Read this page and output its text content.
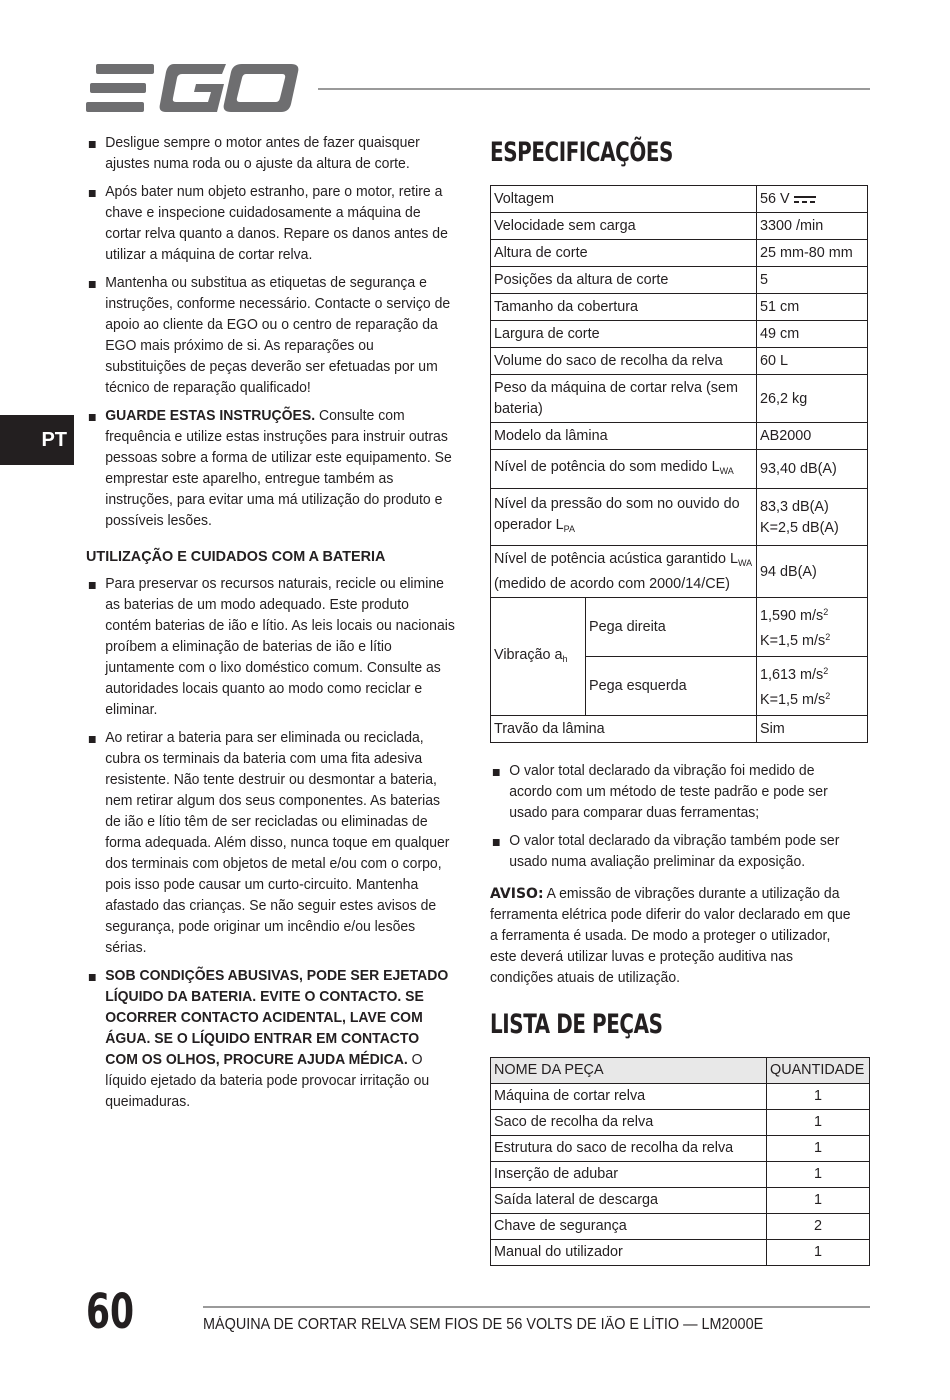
PT
Desligue sempre o motor antes de fazer quaisquer ajustes numa roda ou o ajuste da altura de corte.
Após bater num objeto estranho, pare o motor, retire a chave e inspecione cuidadosamente a máquina de cortar relva quanto a danos. Repare os danos antes de utilizar a máquina de cortar relva.
Mantenha ou substitua as etiquetas de segurança e instruções, conforme necessário. Contacte o serviço de apoio ao cliente da EGO ou o centro de reparação da EGO mais próximo de si. As reparações ou substituições de peças deverão ser efetuadas por um técnico de reparação qualificado!
GUARDE ESTAS INSTRUÇÕES. Consulte com frequência e utilize estas instruções para instruir outras pessoas sobre a forma de utilizar este equipamento. Se emprestar este aparelho, entregue também as instruções, para evitar uma má utilização do produto e possíveis lesões.
UTILIZAÇÃO E CUIDADOS COM A BATERIA
Para preservar os recursos naturais, recicle ou elimine as baterias de um modo adequado. Este produto contém baterias de ião e lítio. As leis locais ou nacionais proíbem a eliminação de baterias de ião e lítio juntamente com o lixo doméstico comum. Consulte as autoridades locais quanto ao modo como reciclar e eliminar.
Ao retirar a bateria para ser eliminada ou reciclada, cubra os terminais da bateria com uma fita adesiva resistente. Não tente destruir ou desmontar a bateria, nem retirar algum dos seus componentes. As baterias de ião e lítio têm de ser recicladas ou eliminadas de forma adequada. Além disso, nunca toque em qualquer dos terminais com objetos de metal e/ou com o corpo, pois isso pode causar um curto-circuito. Mantenha afastado das crianças. Se não seguir estes avisos de segurança, pode originar um incêndio e/ou lesões sérias.
SOB CONDIÇÕES ABUSIVAS, PODE SER EJETADO LÍQUIDO DA BATERIA. EVITE O CONTACTO. SE OCORRER CONTACTO ACIDENTAL, LAVE COM ÁGUA. SE O LÍQUIDO ENTRAR EM CONTACTO COM OS OLHOS, PROCURE AJUDA MÉDICA. O líquido ejetado da bateria pode provocar irritação ou queimaduras.
ESPECIFICAÇÕES
Voltagem		56 V
Velocidade sem carga		3300 /min
Altura de corte		25 mm-80 mm
Posições da altura de corte		5
Tamanho da cobertura		51 cm
Largura de corte		49 cm
Volume do saco de recolha da relva		60 L
Peso da máquina de cortar relva (sem bateria)		26,2 kg
Modelo da lâmina		AB2000
Nível de potência do som medido $L_{WA}$		93,40 dB(A)
Nível da pressão do som no ouvido do operador $L_{PA}$		83,3 dB(A)
K=2,5 dB(A)
Nível de potência acústica garantido $L_{WA}$
(medido de acordo com 2000/14/CE)		94 dB(A)
Vibração $a_h$	Pega direita	1,590 $m/s^2$
K=1,5 $m/s^2$
	Pega esquerda	1,613 $m/s^2$
K=1,5 $m/s^2$
Travão da lâmina		Sim
O valor total declarado da vibração foi medido de acordo com um método de teste padrão e pode ser usado para comparar duas ferramentas;
O valor total declarado da vibração também pode ser usado numa avaliação preliminar da exposição.
AVISO: A emissão de vibrações durante a utilização da ferramenta elétrica pode diferir do valor declarado em que a ferramenta é usada. De modo a proteger o utilizador, este deverá utilizar luvas e proteção auditiva nas condições atuais de utilização.
LISTA DE PEÇAS
NOME DA PEÇA	QUANTIDADE
Máquina de cortar relva	1
Saco de recolha da relva	1
Estrutura do saco de recolha da relva	1
Inserção de adubar	1
Saída lateral de descarga	1
Chave de segurança	2
Manual do utilizador	1
60	MÁQUINA DE CORTAR RELVA SEM FIOS DE 56 VOLTS DE IÃO E LÍTIO — LM2000E
